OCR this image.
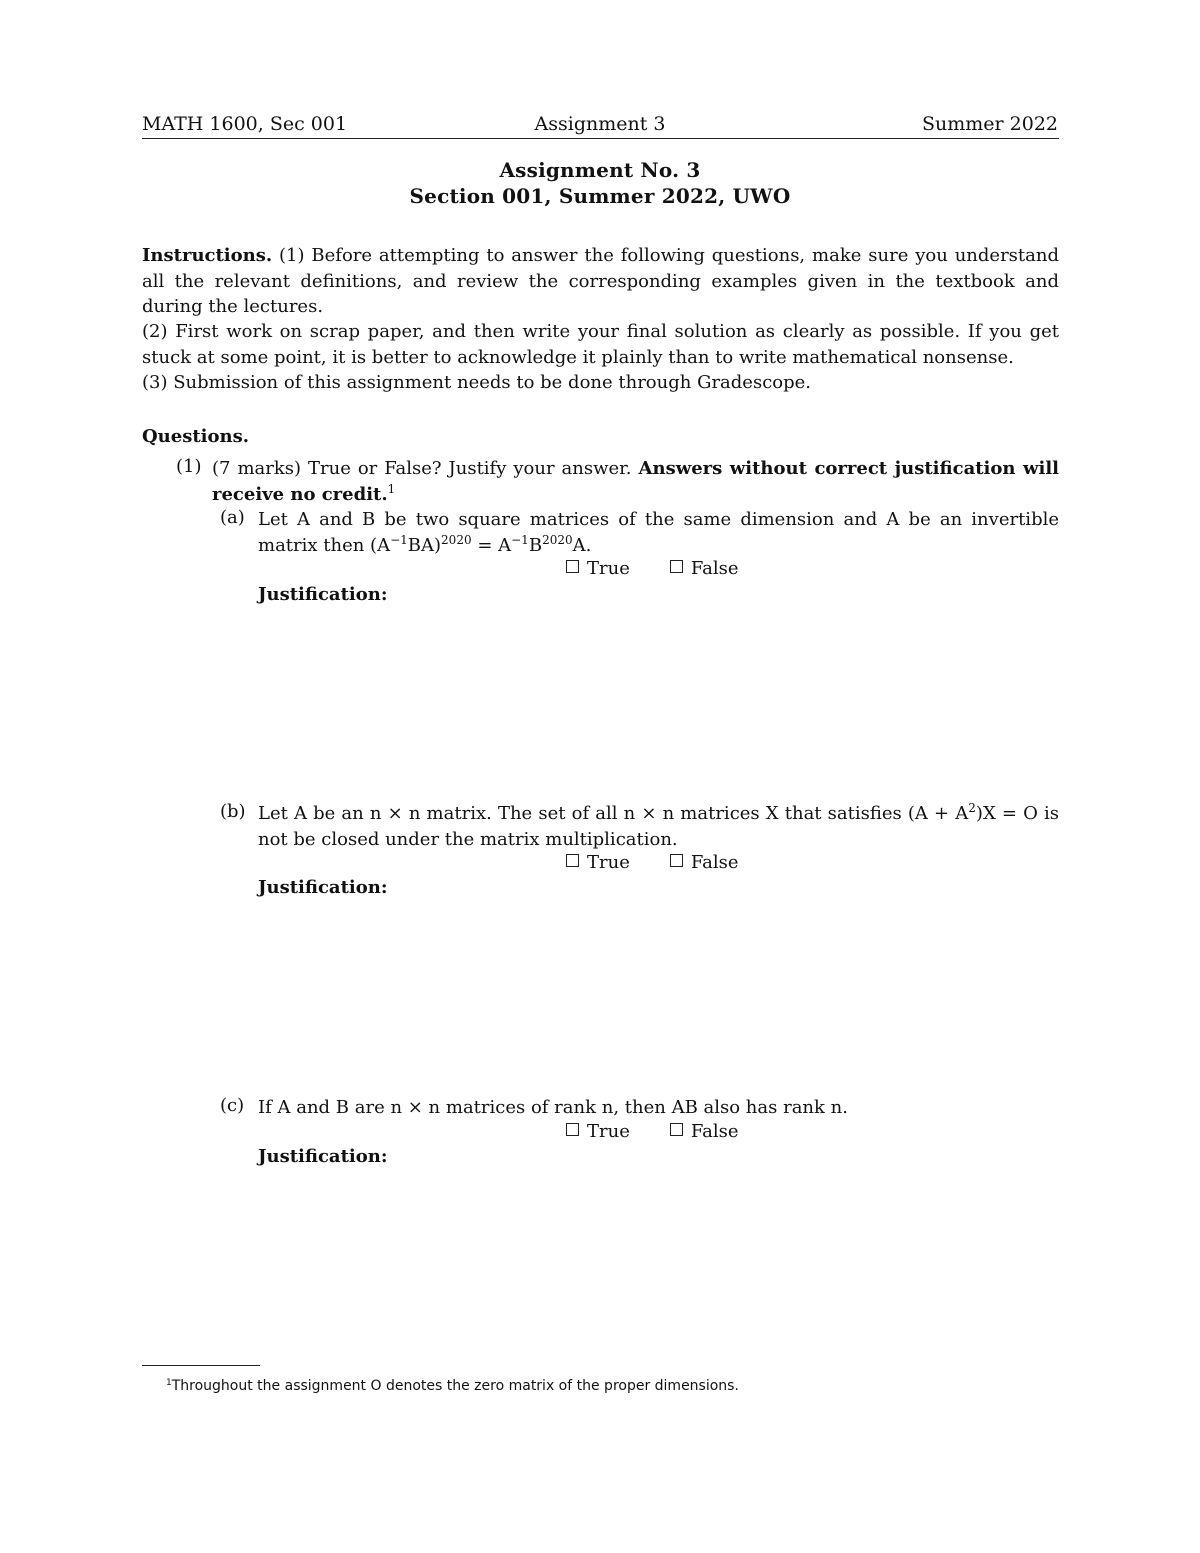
MATH 1600, Sec 001	Assignment 3	Summer 2022
Assignment No. 3
Section 001, Summer 2022, UWO
Instructions. (1) Before attempting to answer the following questions, make sure you understand all the relevant definitions, and review the corresponding examples given in the textbook and during the lectures.
(2) First work on scrap paper, and then write your final solution as clearly as possible. If you get stuck at some point, it is better to acknowledge it plainly than to write mathematical nonsense.
(3) Submission of this assignment needs to be done through Gradescope.
Questions.
(1) (7 marks) True or False? Justify your answer. Answers without correct justification will receive no credit.$^1$
(a) Let A and B be two square matrices of the same dimension and A be an invertible matrix then $(A^{-1}BA)^{2020} = A^{-1}B^{2020}A$.
True	False
Justification:
(b) Let A be an n × n matrix. The set of all n × n matrices X that satisfies $(A + A^2)X = O$ is not be closed under the matrix multiplication.
True	False
Justification:
(c) If A and B are n × n matrices of rank n, then AB also has rank n.
True	False
Justification:
$^1$Throughout the assignment O denotes the zero matrix of the proper dimensions.
